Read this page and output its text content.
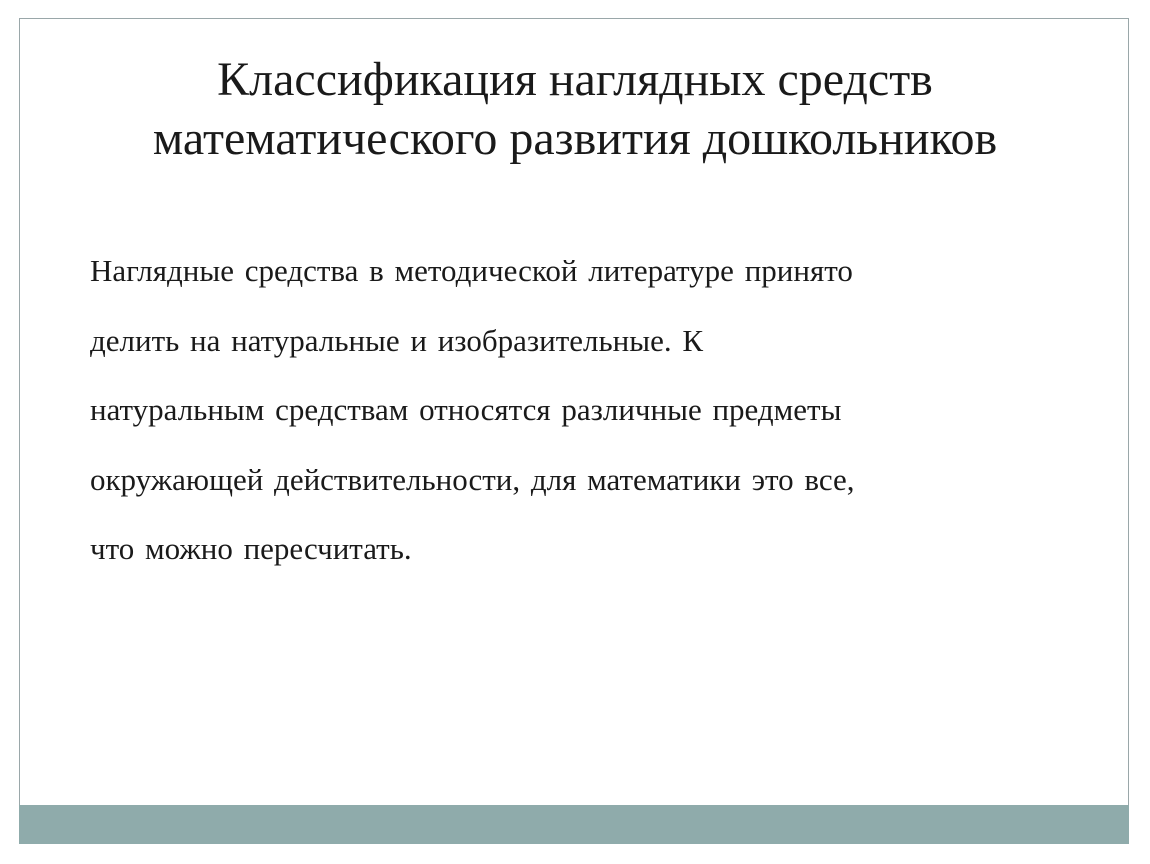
Классификация наглядных средств
математического развития дошкольников
Наглядные средства в методической литературе принято
делить на натуральные и изобразительные. К
натуральным средствам относятся различные предметы
окружающей действительности, для математики это все,
что можно пересчитать.
